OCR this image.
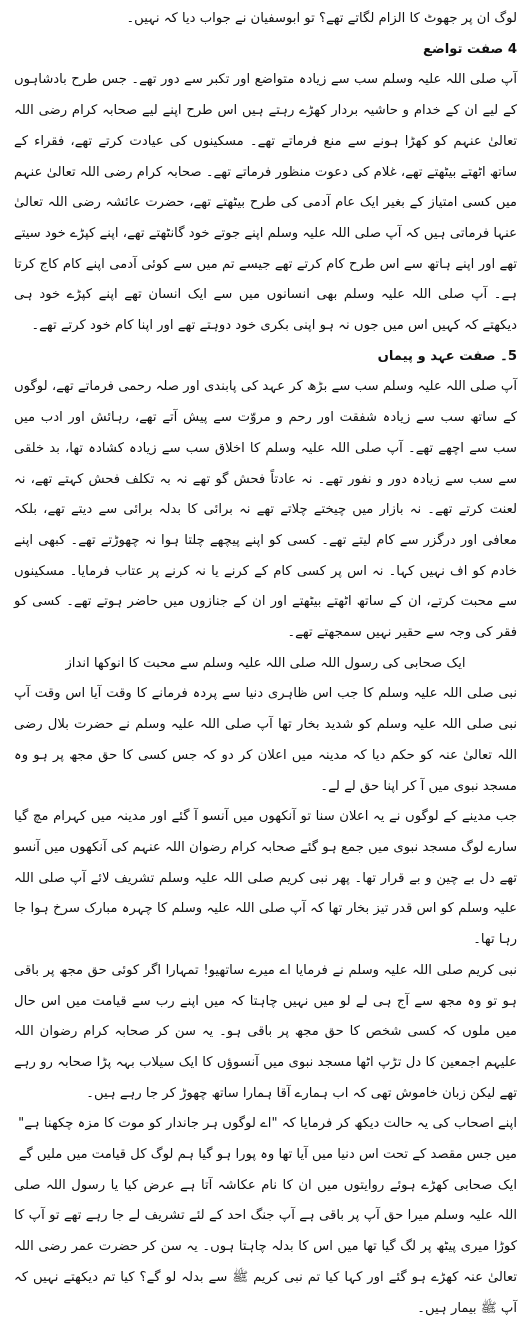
لوگ ان پر جھوٹ کا الزام لگاتے تھے؟ تو ابوسفیان نے جواب دیا کہ نہیں۔

4 صفت تواضع

آپ صلی اللہ علیہ وسلم سب سے زیادہ متواضع اور تکبر سے دور تھے۔ جس طرح بادشاہوں کے لیے ان کے خدام و حاشیہ بردار کھڑے رہتے ہیں اس طرح اپنے لیے صحابہ کرام رضی اللہ تعالیٰ عنہم کو کھڑا ہونے سے منع فرماتے تھے۔ مسکینوں کی عیادت کرتے تھے، فقراء کے ساتھ اٹھتے بیٹھتے تھے، غلام کی دعوت منظور فرماتے تھے۔ صحابہ کرام رضی اللہ تعالیٰ عنہم میں کسی امتیاز کے بغیر ایک عام آدمی کی طرح بیٹھتے تھے، حضرت عائشہ رضی اللہ تعالیٰ عنہا فرماتی ہیں کہ آپ صلی اللہ علیہ وسلم اپنے جوتے خود گانٹھتے تھے، اپنے کپڑے خود سیتے تھے اور اپنے ہاتھ سے اس طرح کام کرتے تھے جیسے تم میں سے کوئی آدمی اپنے کام کاج کرتا ہے۔ آپ صلی اللہ علیہ وسلم بھی انسانوں میں سے ایک انسان تھے اپنے کپڑے خود ہی دیکھتے کہ کہیں اس میں جوں نہ ہو اپنی بکری خود دوہتے تھے اور اپنا کام خود کرتے تھے۔

5۔ صفت عہد و پیماں

آپ صلی اللہ علیہ وسلم سب سے بڑھ کر عہد کی پابندی اور صلہ رحمی فرماتے تھے، لوگوں کے ساتھ سب سے زیادہ شفقت اور رحم و مروّت سے پیش آتے تھے، رہائش اور ادب میں سب سے اچھے تھے۔ آپ صلی اللہ علیہ وسلم کا اخلاق سب سے زیادہ کشادہ تھا، بد خلقی سے سب سے زیادہ دور و نفور تھے۔ نہ عادتاً فحش گو تھے نہ بہ تکلف فحش کہتے تھے، نہ لعنت کرتے تھے۔ نہ بازار میں چیختے چلاتے تھے نہ برائی کا بدلہ برائی سے دیتے تھے، بلکہ معافی اور درگزر سے کام لیتے تھے۔ کسی کو اپنے پیچھے چلتا ہوا نہ چھوڑتے تھے۔ کبھی اپنے خادم کو اف نہیں کہا۔ نہ اس پر کسی کام کے کرنے یا نہ کرنے پر عتاب فرمایا۔ مسکینوں سے محبت کرتے، ان کے ساتھ اٹھتے بیٹھتے اور ان کے جنازوں میں حاضر ہوتے تھے۔ کسی کو فقر کی وجہ سے حقیر نہیں سمجھتے تھے۔

ایک صحابی کی رسول اللہ صلی اللہ علیہ وسلم سے محبت کا انوکھا انداز

نبی صلی اللہ علیہ وسلم کا جب اس ظاہری دنیا سے پردہ فرمانے کا وقت آیا اس وقت آپ نبی صلی اللہ علیہ وسلم کو شدید بخار تھا آپ صلی اللہ علیہ وسلم نے حضرت بلال رضی اللہ تعالیٰ عنہ کو حکم دیا کہ مدینہ میں اعلان کر دو کہ جس کسی کا حق مجھ پر ہو وہ مسجد نبوی میں آ کر اپنا حق لے لے۔

جب مدینے کے لوگوں نے یہ اعلان سنا تو آنکھوں میں آنسو آ گئے اور مدینہ میں کہرام مچ گیا سارے لوگ مسجد نبوی میں جمع ہو گئے صحابہ کرام رضوان اللہ عنہم کی آنکھوں میں آنسو تھے دل بے چین و بے قرار تھا۔ پھر نبی کریم صلی اللہ علیہ وسلم تشریف لائے آپ صلی اللہ علیہ وسلم کو اس قدر تیز بخار تھا کہ آپ صلی اللہ علیہ وسلم کا چہرہ مبارک سرخ ہوا جا رہا تھا۔

نبی کریم صلی اللہ علیہ وسلم نے فرمایا اے میرے ساتھیو! تمہارا اگر کوئی حق مجھ پر باقی ہو تو وہ مجھ سے آج ہی لے لو میں نہیں چاہتا کہ میں اپنے رب سے قیامت میں اس حال میں ملوں کہ کسی شخص کا حق مجھ پر باقی ہو۔ یہ سن کر صحابہ کرام رضوان اللہ علیہم اجمعین کا دل تڑپ اٹھا مسجد نبوی میں آنسوؤں کا ایک سیلاب بہہ پڑا صحابہ رو رہے تھے لیکن زبان خاموش تھی کہ اب ہمارے آقا ہمارا ساتھ چھوڑ کر جا رہے ہیں۔

اپنے اصحاب کی یہ حالت دیکھ کر فرمایا کہ "اے لوگوں ہر جاندار کو موت کا مزہ چکھنا ہے"

میں جس مقصد کے تحت اس دنیا میں آیا تھا وہ پورا ہو گیا ہم لوگ کل قیامت میں ملیں گے

ایک صحابی کھڑے ہوئے روایتوں میں ان کا نام عکاشہ آتا ہے عرض کیا یا رسول اللہ صلی اللہ علیہ وسلم میرا حق آپ پر باقی ہے آپ جنگ احد کے لئے تشریف لے جا رہے تھے تو آپ کا کوڑا میری پیٹھ پر لگ گیا تھا میں اس کا بدلہ چاہتا ہوں۔ یہ سن کر حضرت عمر رضی اللہ تعالیٰ عنہ کھڑے ہو گئے اور کہا کیا تم نبی کریم ﷺ سے بدلہ لو گے؟ کیا تم دیکھتے نہیں کہ آپ ﷺ بیمار ہیں۔
